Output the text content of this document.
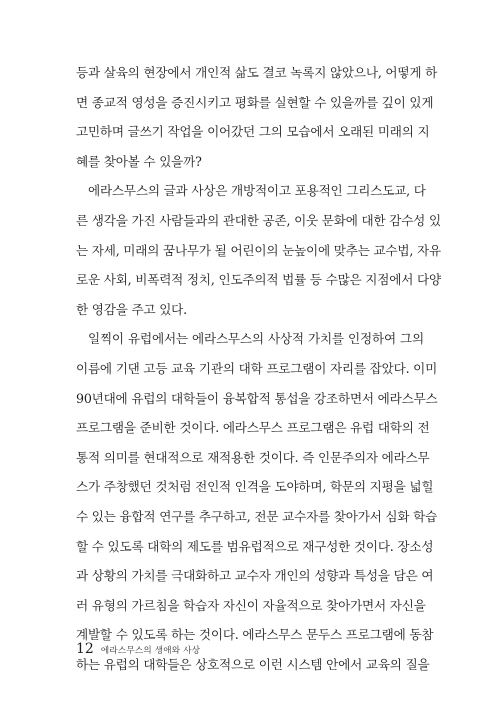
등과 살육의 현장에서 개인적 삶도 결코 녹록지 않았으나, 어떻게 하
면 종교적 영성을 증진시키고 평화를 실현할 수 있을까를 깊이 있게
고민하며 글쓰기 작업을 이어갔던 그의 모습에서 오래된 미래의 지
혜를 찾아볼 수 있을까?
에라스무스의 글과 사상은 개방적이고 포용적인 그리스도교, 다
른 생각을 가진 사람들과의 관대한 공존, 이웃 문화에 대한 감수성 있
는 자세, 미래의 꿈나무가 될 어린이의 눈높이에 맞추는 교수법, 자유
로운 사회, 비폭력적 정치, 인도주의적 법률 등 수많은 지점에서 다양
한 영감을 주고 있다.
일찍이 유럽에서는 에라스무스의 사상적 가치를 인정하여 그의
이름에 기댄 고등 교육 기관의 대학 프로그램이 자리를 잡았다. 이미
90년대에 유럽의 대학들이 융복합적 통섭을 강조하면서 에라스무스
프로그램을 준비한 것이다. 에라스무스 프로그램은 유럽 대학의 전
통적 의미를 현대적으로 재적용한 것이다. 즉 인문주의자 에라스무
스가 주창했던 것처럼 전인적 인격을 도야하며, 학문의 지평을 넓힐
수 있는 융합적 연구를 추구하고, 전문 교수자를 찾아가서 심화 학습
할 수 있도록 대학의 제도를 범유럽적으로 재구성한 것이다. 장소성
과 상황의 가치를 극대화하고 교수자 개인의 성향과 특성을 담은 여
러 유형의 가르침을 학습자 자신이 자율적으로 찾아가면서 자신을
계발할 수 있도록 하는 것이다. 에라스무스 문두스 프로그램에 동참
하는 유럽의 대학들은 상호적으로 이런 시스템 안에서 교육의 질을
12 에라스무스의 생애와 사상
